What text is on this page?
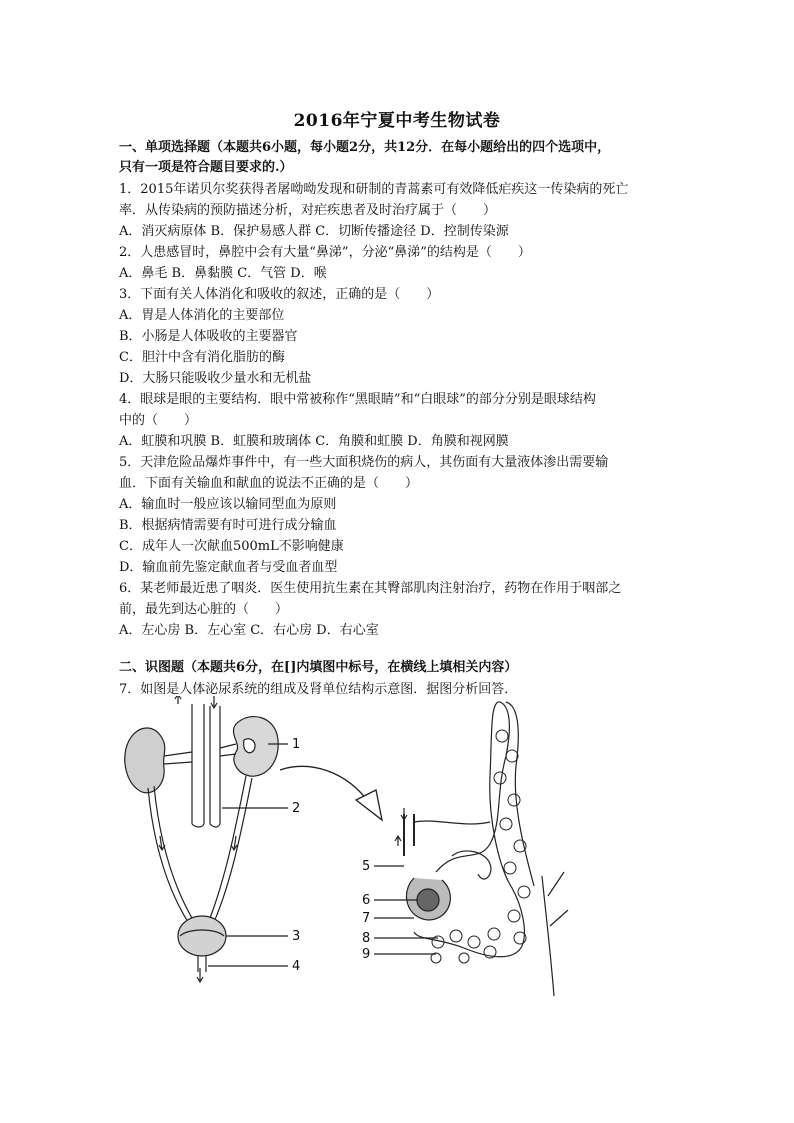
2016年宁夏中考生物试卷
一、单项选择题（本题共6小题，每小题2分，共12分．在每小题给出的四个选项中，
只有一项是符合题目要求的.）
1．2015年诺贝尔奖获得者屠呦呦发现和研制的青蒿素可有效降低疟疾这一传染病的死亡
率．从传染病的预防描述分析，对疟疾患者及时治疗属于（　　）
A．消灭病原体 B．保护易感人群 C．切断传播途径 D．控制传染源
2．人患感冒时，鼻腔中会有大量“鼻涕”，分泌“鼻涕”的结构是（　　）
A．鼻毛 B．鼻黏膜 C．气管 D．喉
3．下面有关人体消化和吸收的叙述，正确的是（　　）
A．胃是人体消化的主要部位
B．小肠是人体吸收的主要器官
C．胆汁中含有消化脂肪的酶
D．大肠只能吸收少量水和无机盐
4．眼球是眼的主要结构．眼中常被称作“黑眼睛”和“白眼球”的部分分别是眼球结构
中的（　　）
A．虹膜和巩膜 B．虹膜和玻璃体 C．角膜和虹膜 D．角膜和视网膜
5．天津危险品爆炸事件中，有一些大面积烧伤的病人，其伤面有大量液体渗出需要输
血．下面有关输血和献血的说法不正确的是（　　）
A．输血时一般应该以输同型血为原则
B．根据病情需要有时可进行成分输血
C．成年人一次献血500mL不影响健康
D．输血前先鉴定献血者与受血者血型
6．某老师最近患了咽炎．医生使用抗生素在其臀部肌肉注射治疗，药物在作用于咽部之
前，最先到达心脏的（　　）
A．左心房 B．左心室 C．右心房 D．右心室
二、识图题（本题共6分，在[]内填图中标号，在横线上填相关内容）
7．如图是人体泌尿系统的组成及肾单位结构示意图．据图分析回答．
1
2
3
4
5
6
7
8
9
